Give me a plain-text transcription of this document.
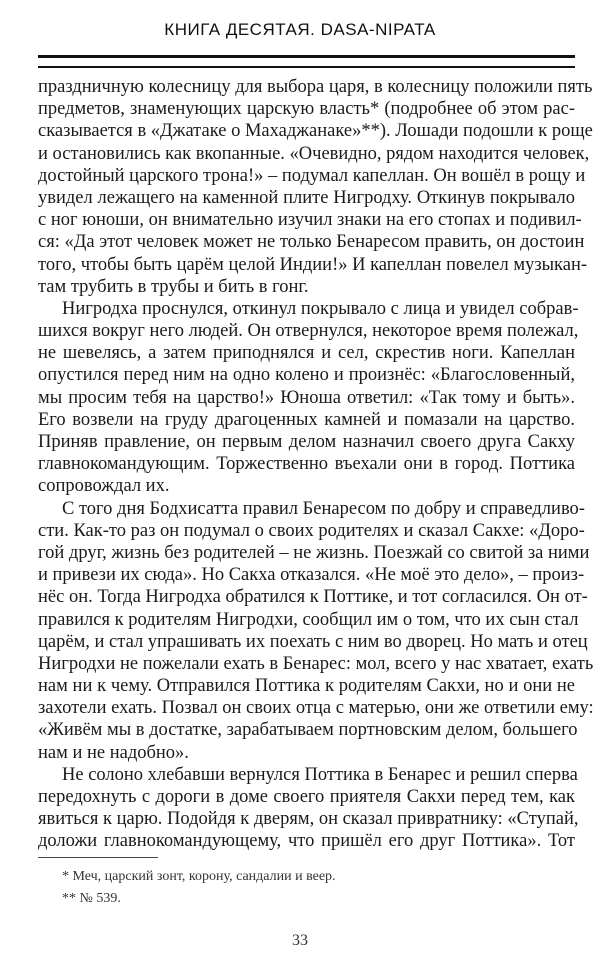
КНИГА ДЕСЯТАЯ. DASA-NIPATA
праздничную колесницу для выбора царя, в колесницу положили пять
предметов, знаменующих царскую власть* (подробнее об этом рас-
сказывается в «Джатаке о Махаджанаке»**). Лошади подошли к роще
и остановились как вкопанные. «Очевидно, рядом находится человек,
достойный царского трона!» – подумал капеллан. Он вошёл в рощу и
увидел лежащего на каменной плите Нигродху. Откинув покрывало
с ног юноши, он внимательно изучил знаки на его стопах и подивил-
ся: «Да этот человек может не только Бенаресом править, он достоин
того, чтобы быть царём целой Индии!» И капеллан повелел музыкан-
там трубить в трубы и бить в гонг.
Нигродха проснулся, откинул покрывало с лица и увидел собрав-
шихся вокруг него людей. Он отвернулся, некоторое время полежал,
не шевелясь, а затем приподнялся и сел, скрестив ноги. Капеллан
опустился перед ним на одно колено и произнёс: «Благословенный,
мы просим тебя на царство!» Юноша ответил: «Так тому и быть».
Его возвели на груду драгоценных камней и помазали на царство.
Приняв правление, он первым делом назначил своего друга Сакху
главнокомандующим. Торжественно въехали они в город. Поттика
сопровождал их.
С того дня Бодхисатта правил Бенаресом по добру и справедливо-
сти. Как-то раз он подумал о своих родителях и сказал Сакхе: «Доро-
гой друг, жизнь без родителей – не жизнь. Поезжай со свитой за ними
и привези их сюда». Но Сакха отказался. «Не моё это дело», – произ-
нёс он. Тогда Нигродха обратился к Поттике, и тот согласился. Он от-
правился к родителям Нигродхи, сообщил им о том, что их сын стал
царём, и стал упрашивать их поехать с ним во дворец. Но мать и отец
Нигродхи не пожелали ехать в Бенарес: мол, всего у нас хватает, ехать
нам ни к чему. Отправился Поттика к родителям Сакхи, но и они не
захотели ехать. Позвал он своих отца с матерью, они же ответили ему:
«Живём мы в достатке, зарабатываем портновским делом, большего
нам и не надобно».
Не солоно хлебавши вернулся Поттика в Бенарес и решил сперва
передохнуть с дороги в доме своего приятеля Сакхи перед тем, как
явиться к царю. Подойдя к дверям, он сказал привратнику: «Ступай,
доложи главнокомандующему, что пришёл его друг Поттика». Тот
* Меч, царский зонт, корону, сандалии и веер.
** № 539.
33
